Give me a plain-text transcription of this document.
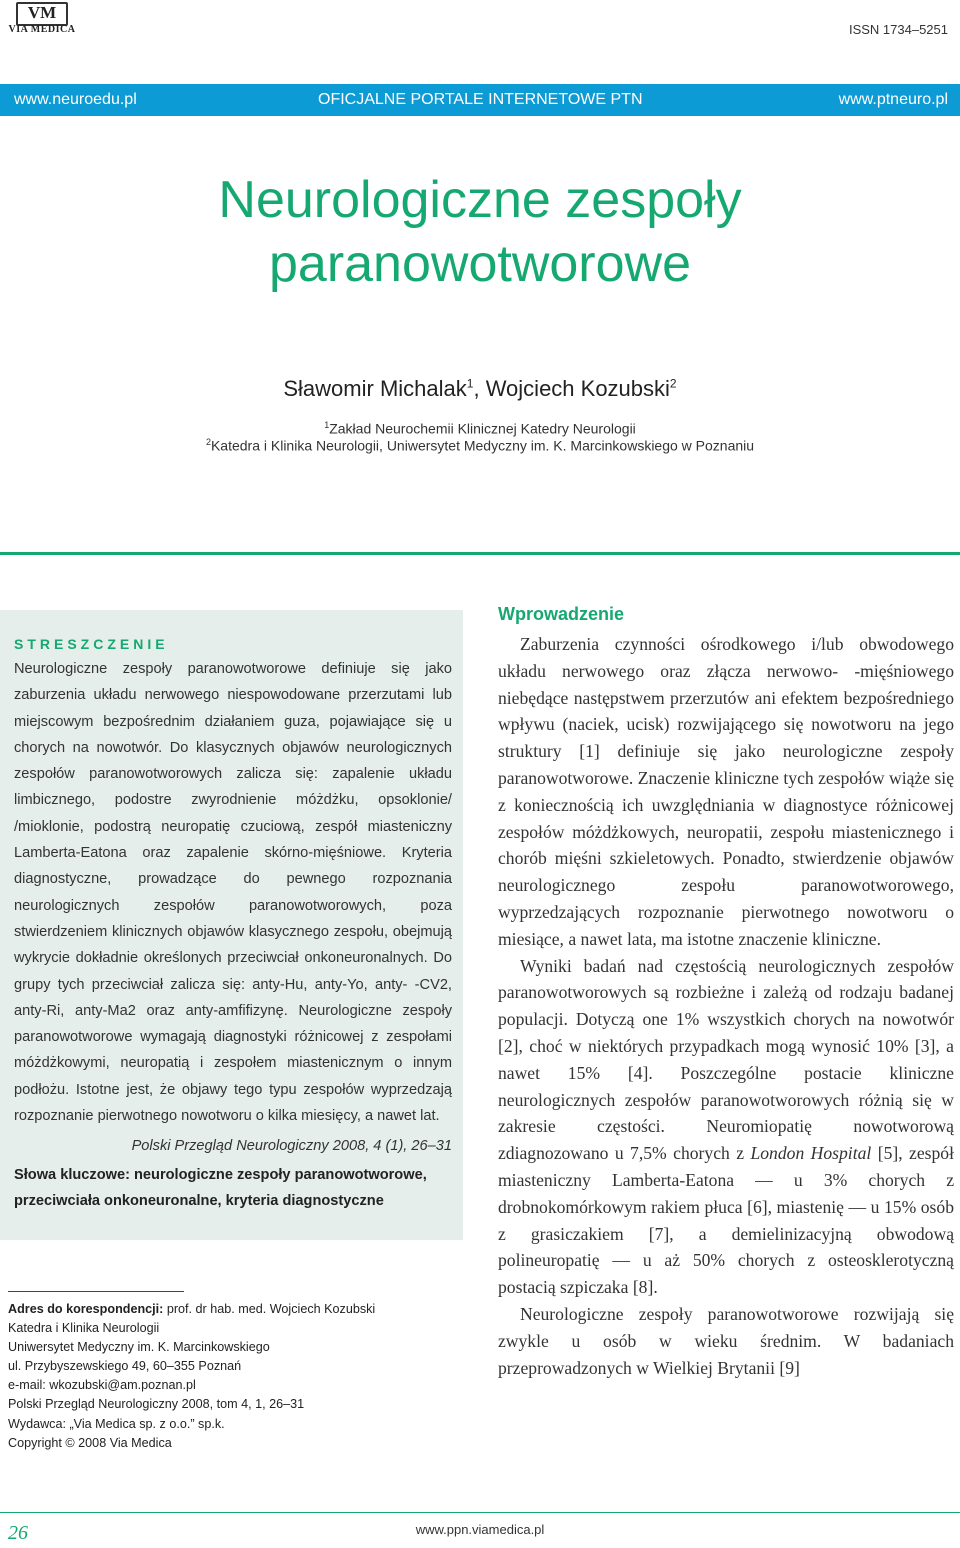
VM
VIA MEDICA	ISSN 1734–5251
www.neuroedu.pl	OFICJALNE PORTALE INTERNETOWE PTN	www.ptneuro.pl
Neurologiczne zespoły
paranowotworowe
Sławomir Michalak$^1$, Wojciech Kozubski$^2$
$^1$Zakład Neurochemii Klinicznej Katedry Neurologii
$^2$Katedra i Klinika Neurologii, Uniwersytet Medyczny im. K. Marcinkowskiego w Poznaniu
STRESZCZENIE

Neurologiczne zespoły paranowotworowe definiuje się jako zaburzenia układu nerwowego niespowodowane przerzutami lub miejscowym bezpośrednim działaniem guza, pojawiające się u chorych na nowotwór. Do klasycznych objawów neurologicznych zespołów paranowotworowych zalicza się: zapalenie układu limbicznego, podostre zwyrodnienie móżdżku, opsoklonie/ /mioklonie, podostrą neuropatię czuciową, zespół miasteniczny Lamberta-Eatona oraz zapalenie skórno-mięśniowe. Kryteria diagnostyczne, prowadzące do pewnego rozpoznania neurologicznych zespołów paranowotworowych, poza stwierdzeniem klinicznych objawów klasycznego zespołu, obejmują wykrycie dokładnie określonych przeciwciał onkoneuronalnych. Do grupy tych przeciwciał zalicza się: anty-Hu, anty-Yo, anty- -CV2, anty-Ri, anty-Ma2 oraz anty-amfifizynę. Neurologiczne zespoły paranowotworowe wymagają diagnostyki różnicowej z zespołami móżdżkowymi, neuropatią i zespołem miastenicznym o innym podłożu. Istotne jest, że objawy tego typu zespołów wyprzedzają rozpoznanie pierwotnego nowotworu o kilka miesięcy, a nawet lat.

Polski Przegląd Neurologiczny 2008, 4 (1), 26–31
Słowa kluczowe: neurologiczne zespoły paranowotworowe, przeciwciała onkoneuronalne, kryteria diagnostyczne
Adres do korespondencji: prof. dr hab. med. Wojciech Kozubski
Katedra i Klinika Neurologii
Uniwersytet Medyczny im. K. Marcinkowskiego
ul. Przybyszewskiego 49, 60–355 Poznań
e-mail: wkozubski@am.poznan.pl
Polski Przegląd Neurologiczny 2008, tom 4, 1, 26–31
Wydawca: „Via Medica sp. z o.o.” sp.k.
Copyright © 2008 Via Medica
Wprowadzenie

Zaburzenia czynności ośrodkowego i/lub obwodowego układu nerwowego oraz złącza nerwowo- -mięśniowego niebędące następstwem przerzutów ani efektem bezpośredniego wpływu (naciek, ucisk) rozwijającego się nowotworu na jego struktury [1] definiuje się jako neurologiczne zespoły paranowotworowe. Znaczenie kliniczne tych zespołów wiąże się z koniecznością ich uwzględniania w diagnostyce różnicowej zespołów móżdżkowych, neuropatii, zespołu miastenicznego i chorób mięśni szkieletowych. Ponadto, stwierdzenie objawów neurologicznego zespołu paranowotworowego, wyprzedzających rozpoznanie pierwotnego nowotworu o miesiące, a nawet lata, ma istotne znaczenie kliniczne.

Wyniki badań nad częstością neurologicznych zespołów paranowotworowych są rozbieżne i zależą od rodzaju badanej populacji. Dotyczą one 1% wszystkich chorych na nowotwór [2], choć w niektórych przypadkach mogą wynosić 10% [3], a nawet 15% [4]. Poszczególne postacie kliniczne neurologicznych zespołów paranowotworowych różnią się w zakresie częstości. Neuromiopatię nowotworową zdiagnozowano u 7,5% chorych z London Hospital [5], zespół miasteniczny Lamberta-Eatona — u 3% chorych z drobnokomórkowym rakiem płuca [6], miastenię — u 15% osób z grasiczakiem [7], a demielinizacyjną obwodową polineuropatię — u aż 50% chorych z osteosklerotyczną postacią szpiczaka [8].

Neurologiczne zespoły paranowotworowe rozwijają się zwykle u osób w wieku średnim. W badaniach przeprowadzonych w Wielkiej Brytanii [9]

26	www.ppn.viamedica.pl
